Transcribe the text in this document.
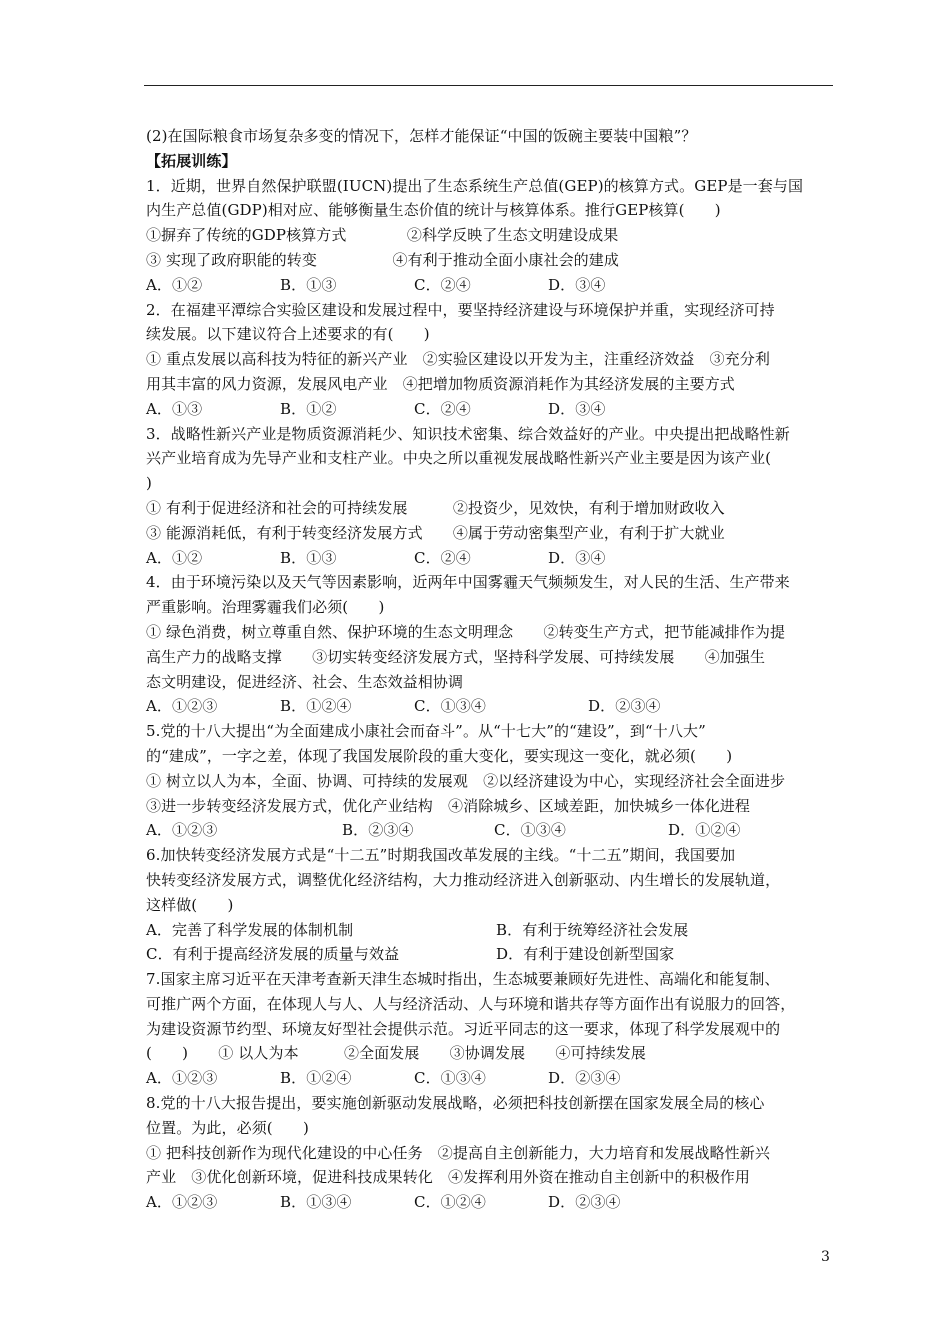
(2)在国际粮食市场复杂多变的情况下，怎样才能保证“中国的饭碗主要装中国粮”？
【拓展训练】
1．近期，世界自然保护联盟(IUCN)提出了生态系统生产总值(GEP)的核算方式。GEP是一套与国
内生产总值(GDP)相对应、能够衡量生态价值的统计与核算体系。推行GEP核算(　　)
①摒弃了传统的GDP核算方式　　　　②科学反映了生态文明建设成果
③ 实现了政府职能的转变　　　　　④有利于推动全面小康社会的建成
A．①②	B．①③	C．②④	D．③④
2．在福建平潭综合实验区建设和发展过程中，要坚持经济建设与环境保护并重，实现经济可持
续发展。以下建议符合上述要求的有(　　)
① 重点发展以高科技为特征的新兴产业　②实验区建设以开发为主，注重经济效益　③充分利
用其丰富的风力资源，发展风电产业　④把增加物质资源消耗作为其经济发展的主要方式
A．①③	B．①②	C．②④	D．③④
3．战略性新兴产业是物质资源消耗少、知识技术密集、综合效益好的产业。中央提出把战略性新
兴产业培育成为先导产业和支柱产业。中央之所以重视发展战略性新兴产业主要是因为该产业(
)
① 有利于促进经济和社会的可持续发展　　　②投资少，见效快，有利于增加财政收入
③ 能源消耗低，有利于转变经济发展方式　　④属于劳动密集型产业，有利于扩大就业
A．①②	B．①③	C．②④	D．③④
4．由于环境污染以及天气等因素影响，近两年中国雾霾天气频频发生，对人民的生活、生产带来
严重影响。治理雾霾我们必须(　　)
① 绿色消费，树立尊重自然、保护环境的生态文明理念　　②转变生产方式，把节能减排作为提
高生产力的战略支撑　　③切实转变经济发展方式，坚持科学发展、可持续发展　　④加强生
态文明建设，促进经济、社会、生态效益相协调
A．①②③	B．①②④	C．①③④	D．②③④
5.党的十八大提出“为全面建成小康社会而奋斗”。从“十七大”的“建设”，到“十八大”
的“建成”，一字之差，体现了我国发展阶段的重大变化，要实现这一变化，就必须(　　)
① 树立以人为本，全面、协调、可持续的发展观　②以经济建设为中心，实现经济社会全面进步
③进一步转变经济发展方式，优化产业结构　④消除城乡、区域差距，加快城乡一体化进程
A．①②③	B．②③④	C．①③④	D．①②④
6.加快转变经济发展方式是“十二五”时期我国改革发展的主线。“十二五”期间，我国要加
快转变经济发展方式，调整优化经济结构，大力推动经济进入创新驱动、内生增长的发展轨道，
这样做(　　)
A．完善了科学发展的体制机制	B．有利于统筹经济社会发展
C．有利于提高经济发展的质量与效益	D．有利于建设创新型国家
7.国家主席习近平在天津考查新天津生态城时指出，生态城要兼顾好先进性、高端化和能复制、
可推广两个方面，在体现人与人、人与经济活动、人与环境和谐共存等方面作出有说服力的回答，
为建设资源节约型、环境友好型社会提供示范。习近平同志的这一要求，体现了科学发展观中的
(　　)　　① 以人为本　　　②全面发展　　③协调发展　　④可持续发展
A．①②③	B．①②④	C．①③④	D．②③④
8.党的十八大报告提出，要实施创新驱动发展战略，必须把科技创新摆在国家发展全局的核心
位置。为此，必须(　　)
① 把科技创新作为现代化建设的中心任务　②提高自主创新能力，大力培育和发展战略性新兴
产业　③优化创新环境，促进科技成果转化　④发挥利用外资在推动自主创新中的积极作用
A．①②③	B．①③④	C．①②④	D．②③④
3
